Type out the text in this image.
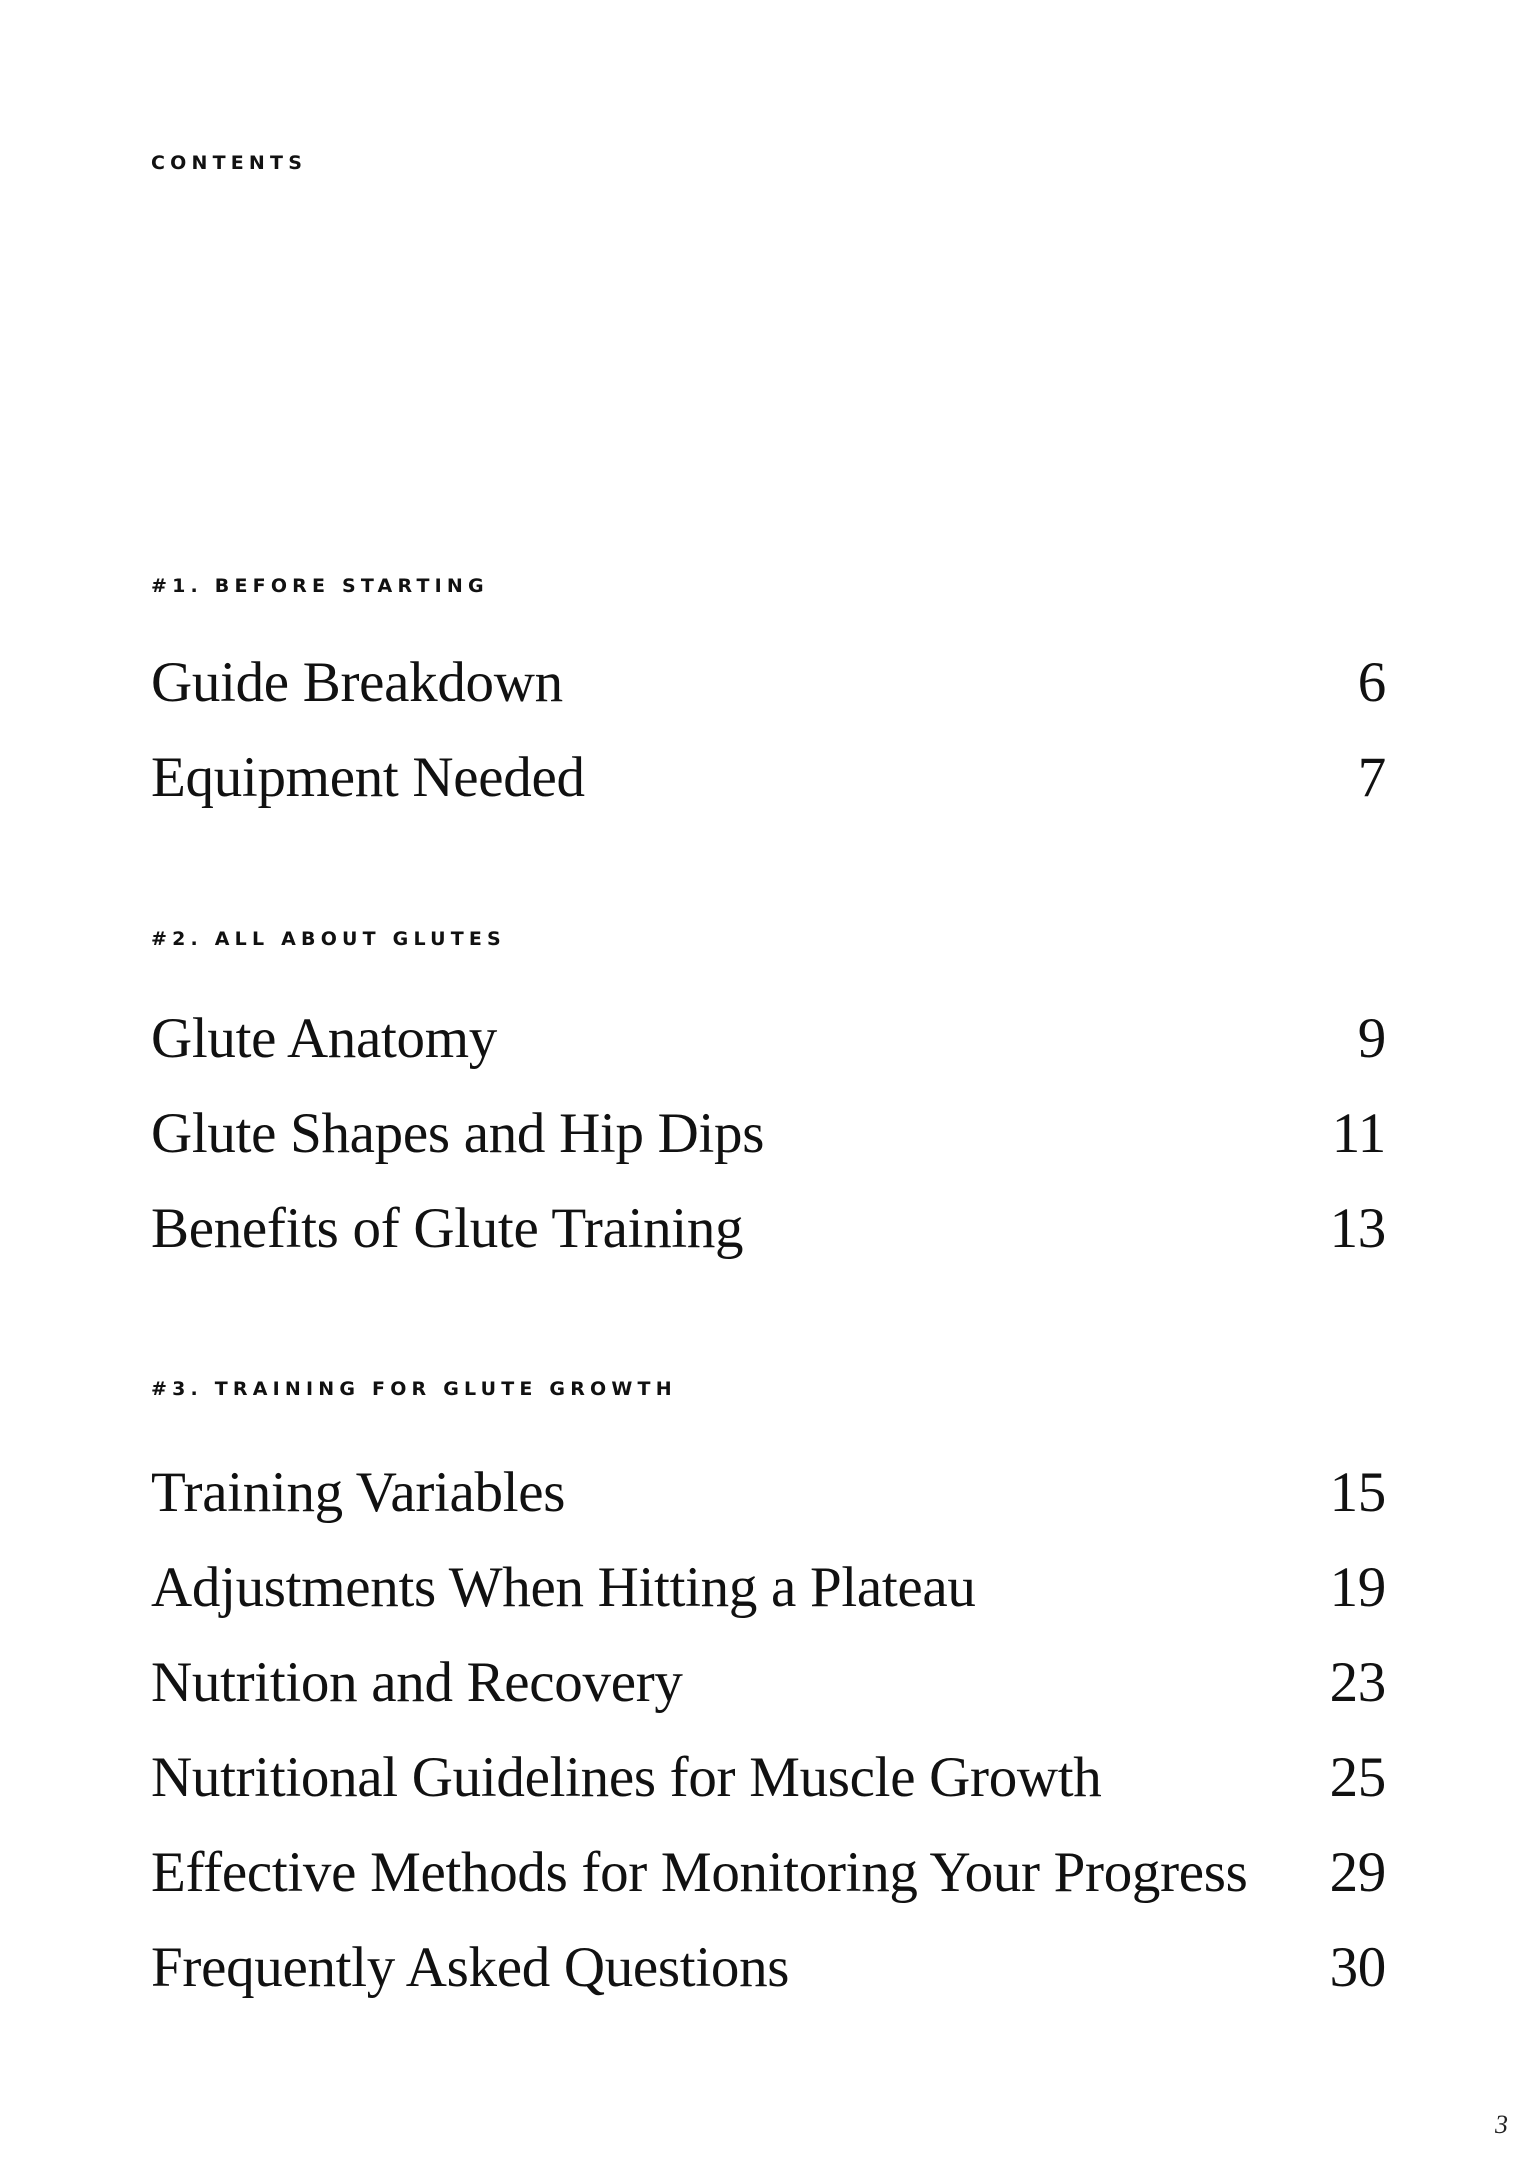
CONTENTS
#1. BEFORE STARTING
Guide Breakdown	6
Equipment Needed	7
#2. ALL ABOUT GLUTES
Glute Anatomy	9
Glute Shapes and Hip Dips	11
Benefits of Glute Training	13
#3. TRAINING FOR GLUTE GROWTH
Training Variables	15
Adjustments When Hitting a Plateau	19
Nutrition and Recovery	23
Nutritional Guidelines for Muscle Growth	25
Effective Methods for Monitoring Your Progress 29
Frequently Asked Questions	30
3
